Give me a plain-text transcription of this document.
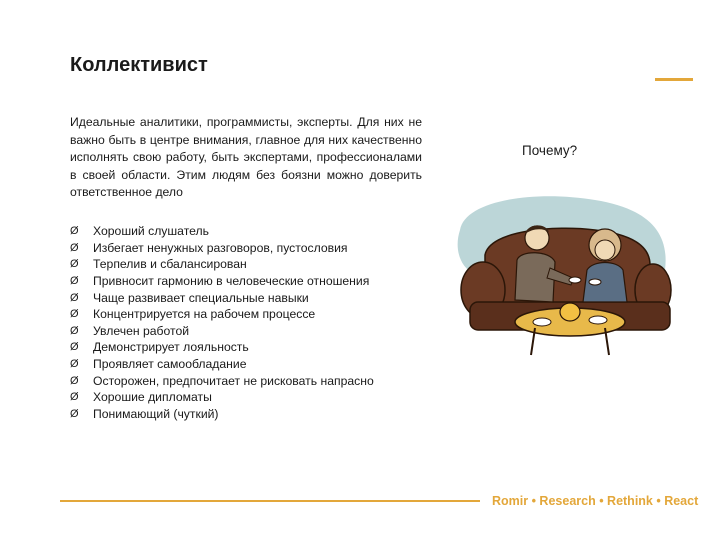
Коллективист
Идеальные аналитики, программисты, эксперты. Для них не важно быть в центре внимания, главное для них качественно исполнять свою работу, быть экспертами, профессионалами в своей области. Этим людям без боязни можно доверить ответственное дело
Ø	Хороший слушатель
Ø	Избегает ненужных разговоров, пустословия
Ø	Терпелив и сбалансирован
Ø	Привносит гармонию в человеческие отношения
Ø	Чаще развивает специальные навыки
Ø	Концентрируется на рабочем процессе
Ø	Увлечен работой
Ø	Демонстрирует лояльность
Ø	Проявляет самообладание
Ø	Осторожен, предпочитает не рисковать напрасно
Ø	Хорошие дипломаты
Ø	Понимающий (чуткий)
Почему?
Romir • Research • Rethink • React
